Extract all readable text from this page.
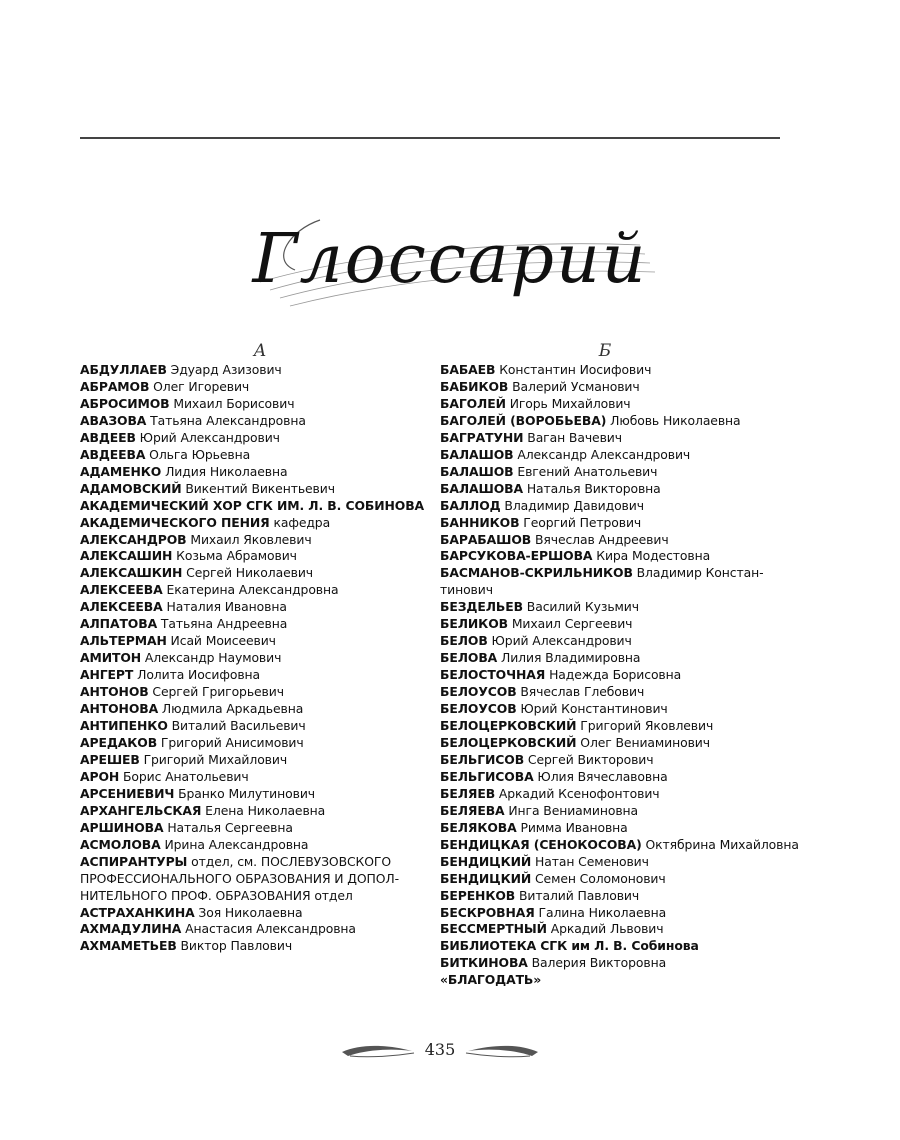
Глоссарий
А
АБДУЛЛАЕВ Эдуард Азизович
АБРАМОВ Олег Игоревич
АБРОСИМОВ Михаил Борисович
АВАЗОВА Татьяна Александровна
АВДЕЕВ Юрий Александрович
АВДЕЕВА Ольга Юрьевна
АДАМЕНКО Лидия Николаевна
АДАМОВСКИЙ Викентий Викентьевич
АКАДЕМИЧЕСКИЙ ХОР СГК ИМ. Л. В. СОБИНОВА
АКАДЕМИЧЕСКОГО ПЕНИЯ кафедра
АЛЕКСАНДРОВ Михаил Яковлевич
АЛЕКСАШИН Козьма Абрамович
АЛЕКСАШКИН Сергей Николаевич
АЛЕКСЕЕВА Екатерина Александровна
АЛЕКСЕЕВА Наталия Ивановна
АЛПАТОВА Татьяна Андреевна
АЛЬТЕРМАН Исай Моисеевич
АМИТОН Александр Наумович
АНГЕРТ Лолита Иосифовна
АНТОНОВ Сергей Григорьевич
АНТОНОВА Людмила Аркадьевна
АНТИПЕНКО Виталий Васильевич
АРЕДАКОВ Григорий Анисимович
АРЕШЕВ Григорий Михайлович
АРОН Борис Анатольевич
АРСЕНИЕВИЧ Бранко Милутинович
АРХАНГЕЛЬСКАЯ Елена Николаевна
АРШИНОВА Наталья Сергеевна
АСМОЛОВА Ирина Александровна
АСПИРАНТУРЫ отдел, см. ПОСЛЕВУЗОВСКОГО
ПРОФЕССИОНАЛЬНОГО ОБРАЗОВАНИЯ И ДОПОЛ-
НИТЕЛЬНОГО ПРОФ. ОБРАЗОВАНИЯ отдел
АСТРАХАНКИНА Зоя Николаевна
АХМАДУЛИНА Анастасия Александровна
АХМАМЕТЬЕВ Виктор Павлович
Б
БАБАЕВ Константин Иосифович
БАБИКОВ Валерий Усманович
БАГОЛЕЙ Игорь Михайлович
БАГОЛЕЙ (ВОРОБЬЕВА) Любовь Николаевна
БАГРАТУНИ Ваган Вачевич
БАЛАШОВ Александр Александрович
БАЛАШОВ Евгений Анатольевич
БАЛАШОВА Наталья Викторовна
БАЛЛОД Владимир Давидович
БАННИКОВ Георгий Петрович
БАРАБАШОВ Вячеслав Андреевич
БАРСУКОВА-ЕРШОВА Кира Модестовна
БАСМАНОВ-СКРИЛЬНИКОВ Владимир Констан-
тинович
БЕЗДЕЛЬЕВ Василий Кузьмич
БЕЛИКОВ Михаил Сергеевич
БЕЛОВ Юрий Александрович
БЕЛОВА Лилия Владимировна
БЕЛОСТОЧНАЯ Надежда Борисовна
БЕЛОУСОВ Вячеслав Глебович
БЕЛОУСОВ Юрий Константинович
БЕЛОЦЕРКОВСКИЙ Григорий Яковлевич
БЕЛОЦЕРКОВСКИЙ Олег Вениаминович
БЕЛЬГИСОВ Сергей Викторович
БЕЛЬГИСОВА Юлия Вячеславовна
БЕЛЯЕВ Аркадий Ксенофонтович
БЕЛЯЕВА Инга Вениаминовна
БЕЛЯКОВА Римма Ивановна
БЕНДИЦКАЯ (СЕНОКОСОВА) Октябрина Михайловна
БЕНДИЦКИЙ Натан Семенович
БЕНДИЦКИЙ Семен Соломонович
БЕРЕНКОВ Виталий Павлович
БЕСКРОВНАЯ Галина Николаевна
БЕССМЕРТНЫЙ Аркадий Львович
БИБЛИОТЕКА СГК им Л. В. Собинова
БИТКИНОВА Валерия Викторовна
«БЛАГОДАТЬ»
435
